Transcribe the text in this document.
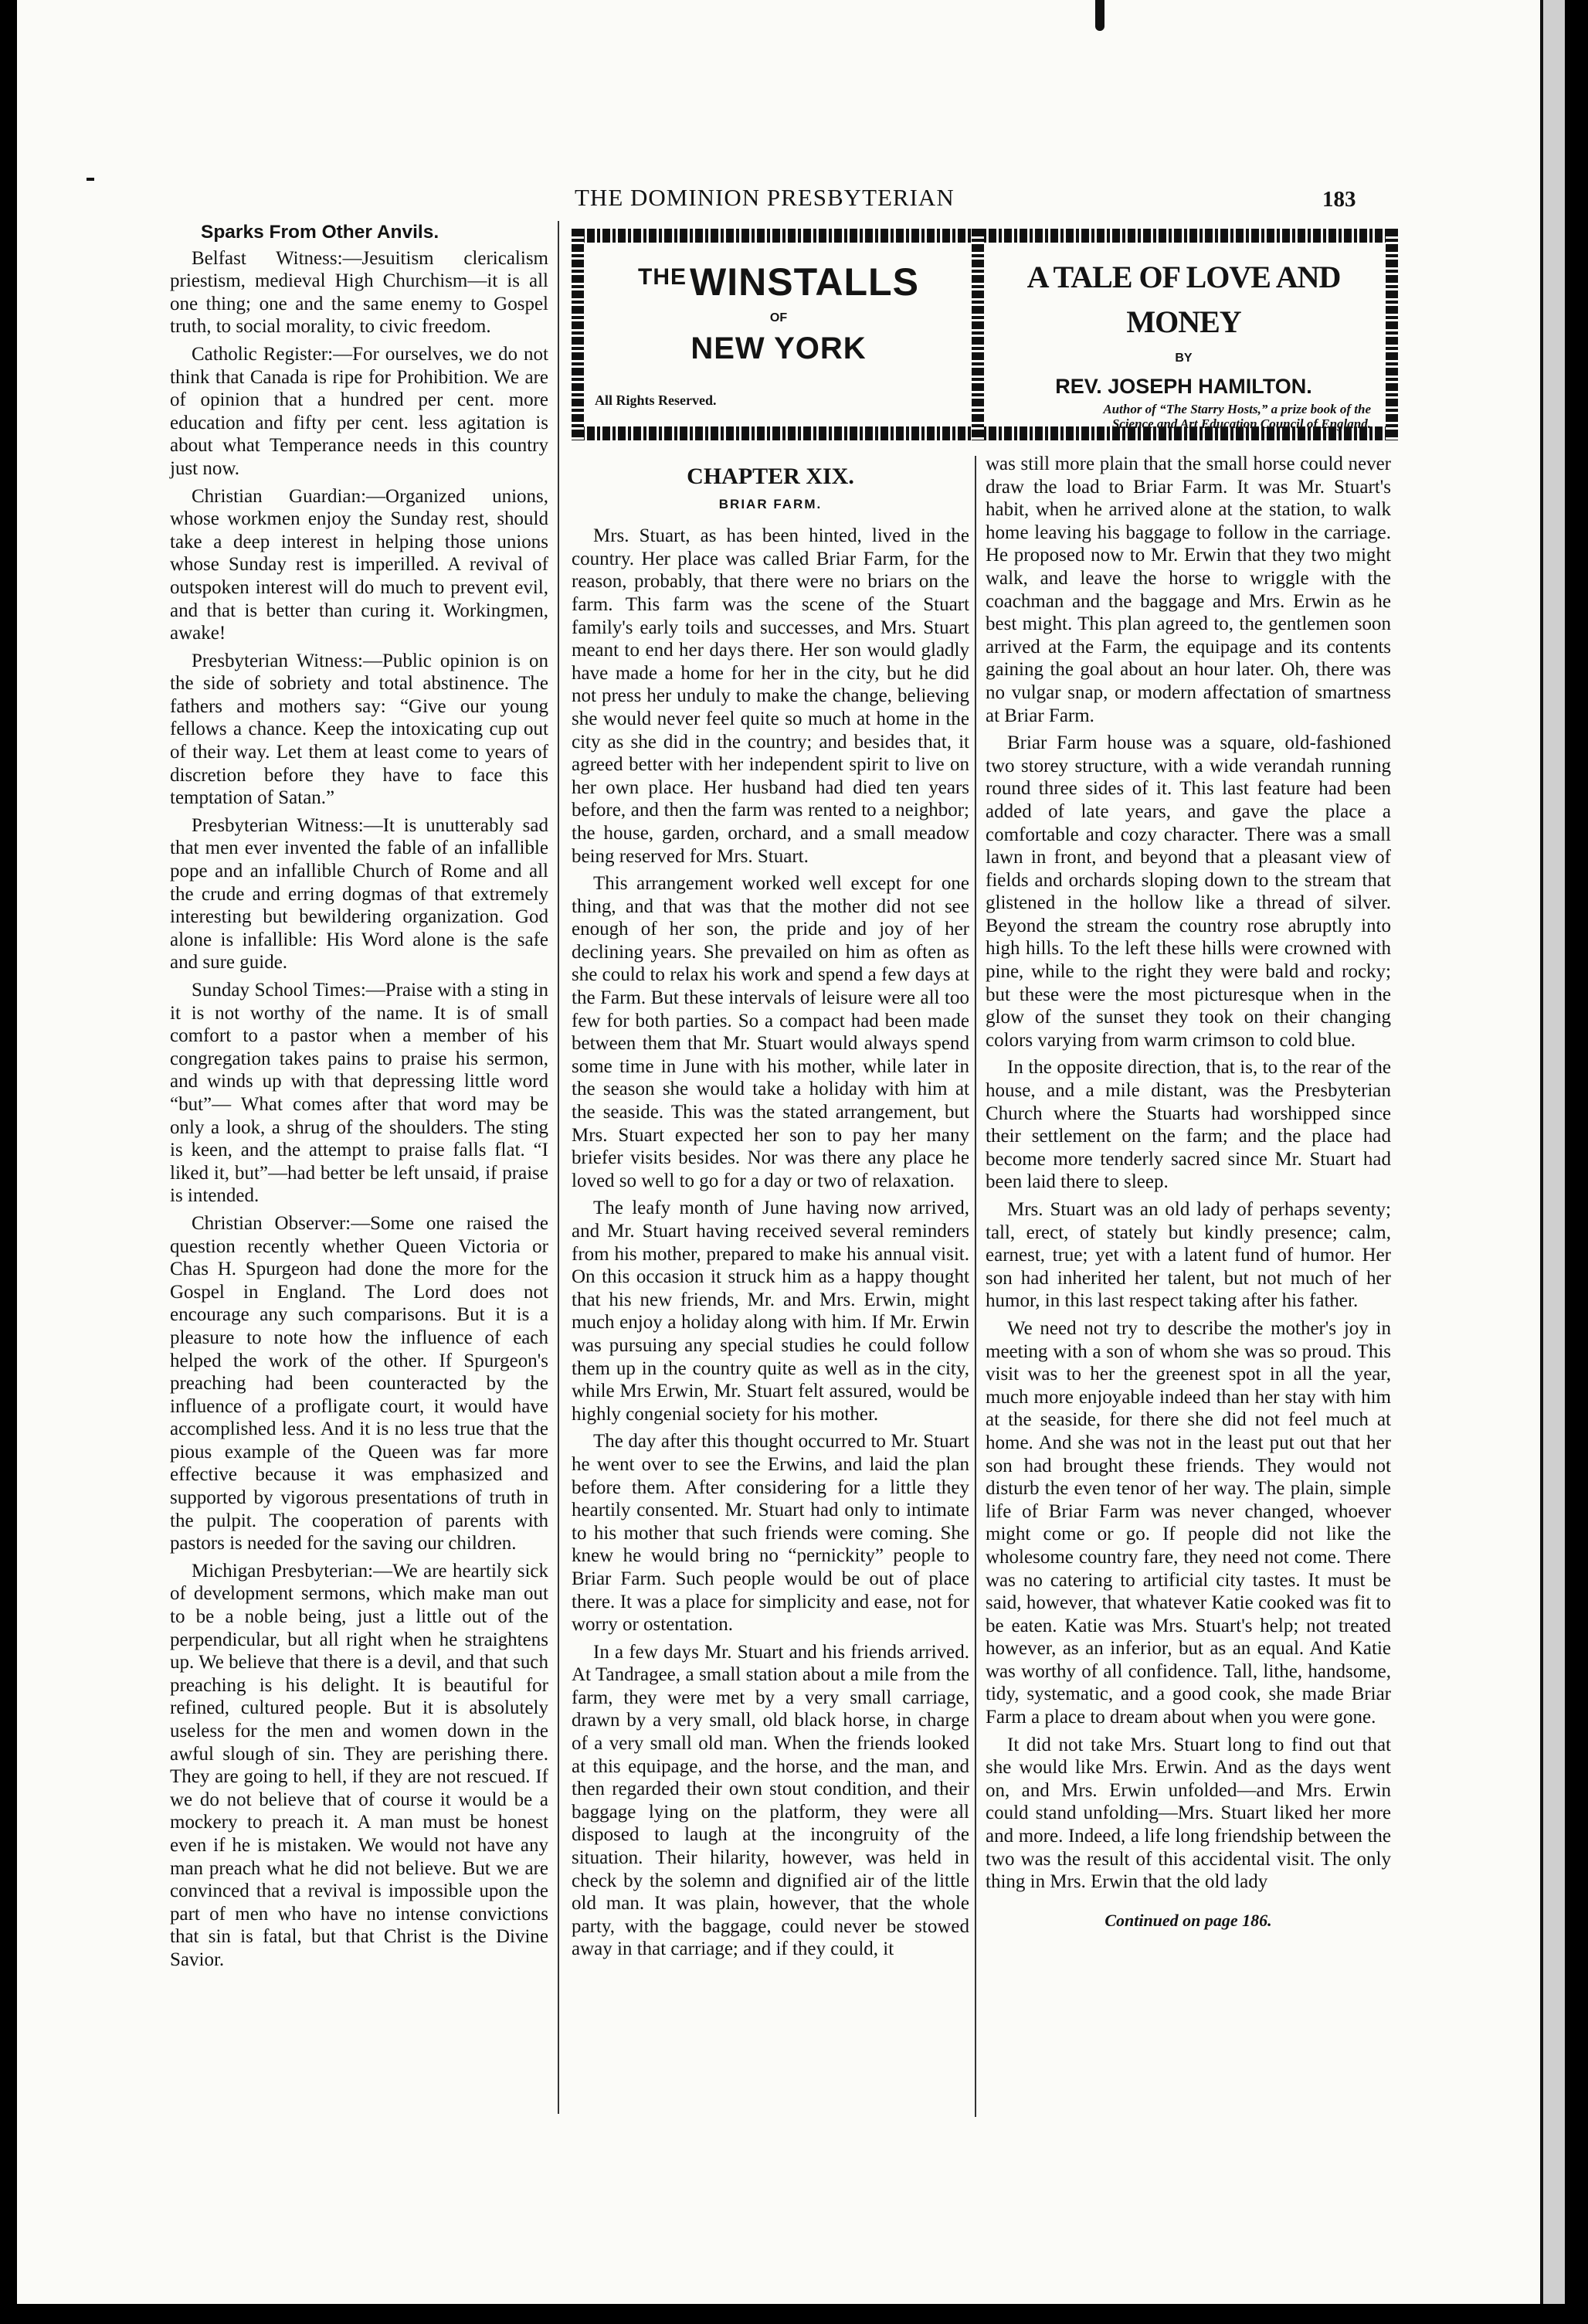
THE DOMINION PRESBYTERIAN	183
Sparks From Other Anvils.

Belfast Witness:—Jesuitism clericalism priestism, medieval High Churchism—it is all one thing; one and the same enemy to Gospel truth, to social morality, to civic freedom.

Catholic Register:—For ourselves, we do not think that Canada is ripe for Prohibition. We are of opinion that a hundred per cent. more education and fifty per cent. less agitation is about what Temperance needs in this country just now.

Christian Guardian:—Organized unions, whose workmen enjoy the Sunday rest, should take a deep interest in helping those unions whose Sunday rest is imperilled. A revival of outspoken interest will do much to prevent evil, and that is better than curing it. Workingmen, awake!

Presbyterian Witness:—Public opinion is on the side of sobriety and total abstinence. The fathers and mothers say: “Give our young fellows a chance. Keep the intoxicating cup out of their way. Let them at least come to years of discretion before they have to face this temptation of Satan.”

Presbyterian Witness:—It is unutterably sad that men ever invented the fable of an infallible pope and an infallible Church of Rome and all the crude and erring dogmas of that extremely interesting but bewildering organization. God alone is infallible: His Word alone is the safe and sure guide.

Sunday School Times:—Praise with a sting in it is not worthy of the name. It is of small comfort to a pastor when a member of his congregation takes pains to praise his sermon, and winds up with that depressing little word “but”— What comes after that word may be only a look, a shrug of the shoulders. The sting is keen, and the attempt to praise falls flat. “I liked it, but”—had better be left unsaid, if praise is intended.

Christian Observer:—Some one raised the question recently whether Queen Victoria or Chas H. Spurgeon had done the more for the Gospel in England. The Lord does not encourage any such comparisons. But it is a pleasure to note how the influence of each helped the work of the other. If Spurgeon's preaching had been counteracted by the influence of a profligate court, it would have accomplished less. And it is no less true that the pious example of the Queen was far more effective because it was emphasized and supported by vigorous presentations of truth in the pulpit. The cooperation of parents with pastors is needed for the saving our children.

Michigan Presbyterian:—We are heartily sick of development sermons, which make man out to be a noble being, just a little out of the perpendicular, but all right when he straightens up. We believe that there is a devil, and that such preaching is his delight. It is beautiful for refined, cultured people. But it is absolutely useless for the men and women down in the awful slough of sin. They are perishing there. They are going to hell, if they are not rescued. If we do not believe that of course it would be a mockery to preach it. A man must be honest even if he is mistaken. We would not have any man preach what he did not believe. But we are convinced that a revival is impossible upon the part of men who have no intense convictions that sin is fatal, but that Christ is the Divine Savior.

$^{THE}$WINSTALLS
OF
NEW YORK
All Rights Reserved.
A TALE OF LOVE AND MONEY
BY
REV. JOSEPH HAMILTON.
Author of “The Starry Hosts,” a prize book of the
Science and Art Education Council of England.
CHAPTER XIX.
BRIAR FARM.

Mrs. Stuart, as has been hinted, lived in the country. Her place was called Briar Farm, for the reason, probably, that there were no briars on the farm. This farm was the scene of the Stuart family's early toils and successes, and Mrs. Stuart meant to end her days there. Her son would gladly have made a home for her in the city, but he did not press her unduly to make the change, believing she would never feel quite so much at home in the city as she did in the country; and besides that, it agreed better with her independent spirit to live on her own place. Her husband had died ten years before, and then the farm was rented to a neighbor; the house, garden, orchard, and a small meadow being reserved for Mrs. Stuart.

This arrangement worked well except for one thing, and that was that the mother did not see enough of her son, the pride and joy of her declining years. She prevailed on him as often as she could to relax his work and spend a few days at the Farm. But these intervals of leisure were all too few for both parties. So a compact had been made between them that Mr. Stuart would always spend some time in June with his mother, while later in the season she would take a holiday with him at the seaside. This was the stated arrangement, but Mrs. Stuart expected her son to pay her many briefer visits besides. Nor was there any place he loved so well to go for a day or two of relaxation.

The leafy month of June having now arrived, and Mr. Stuart having received several reminders from his mother, prepared to make his annual visit. On this occasion it struck him as a happy thought that his new friends, Mr. and Mrs. Erwin, might much enjoy a holiday along with him. If Mr. Erwin was pursuing any special studies he could follow them up in the country quite as well as in the city, while Mrs Erwin, Mr. Stuart felt assured, would be highly congenial society for his mother.

The day after this thought occurred to Mr. Stuart he went over to see the Erwins, and laid the plan before them. After considering for a little they heartily consented. Mr. Stuart had only to intimate to his mother that such friends were coming. She knew he would bring no “pernickity” people to Briar Farm. Such people would be out of place there. It was a place for simplicity and ease, not for worry or ostentation.

In a few days Mr. Stuart and his friends arrived. At Tandragee, a small station about a mile from the farm, they were met by a very small carriage, drawn by a very small, old black horse, in charge of a very small old man. When the friends looked at this equipage, and the horse, and the man, and then regarded their own stout condition, and their baggage lying on the platform, they were all disposed to laugh at the incongruity of the situation. Their hilarity, however, was held in check by the solemn and dignified air of the little old man. It was plain, however, that the whole party, with the baggage, could never be stowed away in that carriage; and if they could, it

was still more plain that the small horse could never draw the load to Briar Farm. It was Mr. Stuart's habit, when he arrived alone at the station, to walk home leaving his baggage to follow in the carriage. He proposed now to Mr. Erwin that they two might walk, and leave the horse to wriggle with the coachman and the baggage and Mrs. Erwin as he best might. This plan agreed to, the gentlemen soon arrived at the Farm, the equipage and its contents gaining the goal about an hour later. Oh, there was no vulgar snap, or modern affectation of smartness at Briar Farm.

Briar Farm house was a square, old-fashioned two storey structure, with a wide verandah running round three sides of it. This last feature had been added of late years, and gave the place a comfortable and cozy character. There was a small lawn in front, and beyond that a pleasant view of fields and orchards sloping down to the stream that glistened in the hollow like a thread of silver. Beyond the stream the country rose abruptly into high hills. To the left these hills were crowned with pine, while to the right they were bald and rocky; but these were the most picturesque when in the glow of the sunset they took on their changing colors varying from warm crimson to cold blue.

In the opposite direction, that is, to the rear of the house, and a mile distant, was the Presbyterian Church where the Stuarts had worshipped since their settlement on the farm; and the place had become more tenderly sacred since Mr. Stuart had been laid there to sleep.

Mrs. Stuart was an old lady of perhaps seventy; tall, erect, of stately but kindly presence; calm, earnest, true; yet with a latent fund of humor. Her son had inherited her talent, but not much of her humor, in this last respect taking after his father.

We need not try to describe the mother's joy in meeting with a son of whom she was so proud. This visit was to her the greenest spot in all the year, much more enjoyable indeed than her stay with him at the seaside, for there she did not feel much at home. And she was not in the least put out that her son had brought these friends. They would not disturb the even tenor of her way. The plain, simple life of Briar Farm was never changed, whoever might come or go. If people did not like the wholesome country fare, they need not come. There was no catering to artificial city tastes. It must be said, however, that whatever Katie cooked was fit to be eaten. Katie was Mrs. Stuart's help; not treated however, as an inferior, but as an equal. And Katie was worthy of all confidence. Tall, lithe, handsome, tidy, systematic, and a good cook, she made Briar Farm a place to dream about when you were gone.

It did not take Mrs. Stuart long to find out that she would like Mrs. Erwin. And as the days went on, and Mrs. Erwin unfolded—and Mrs. Erwin could stand unfolding—Mrs. Stuart liked her more and more. Indeed, a life long friendship between the two was the result of this accidental visit. The only thing in Mrs. Erwin that the old lady

Continued on page 186.
